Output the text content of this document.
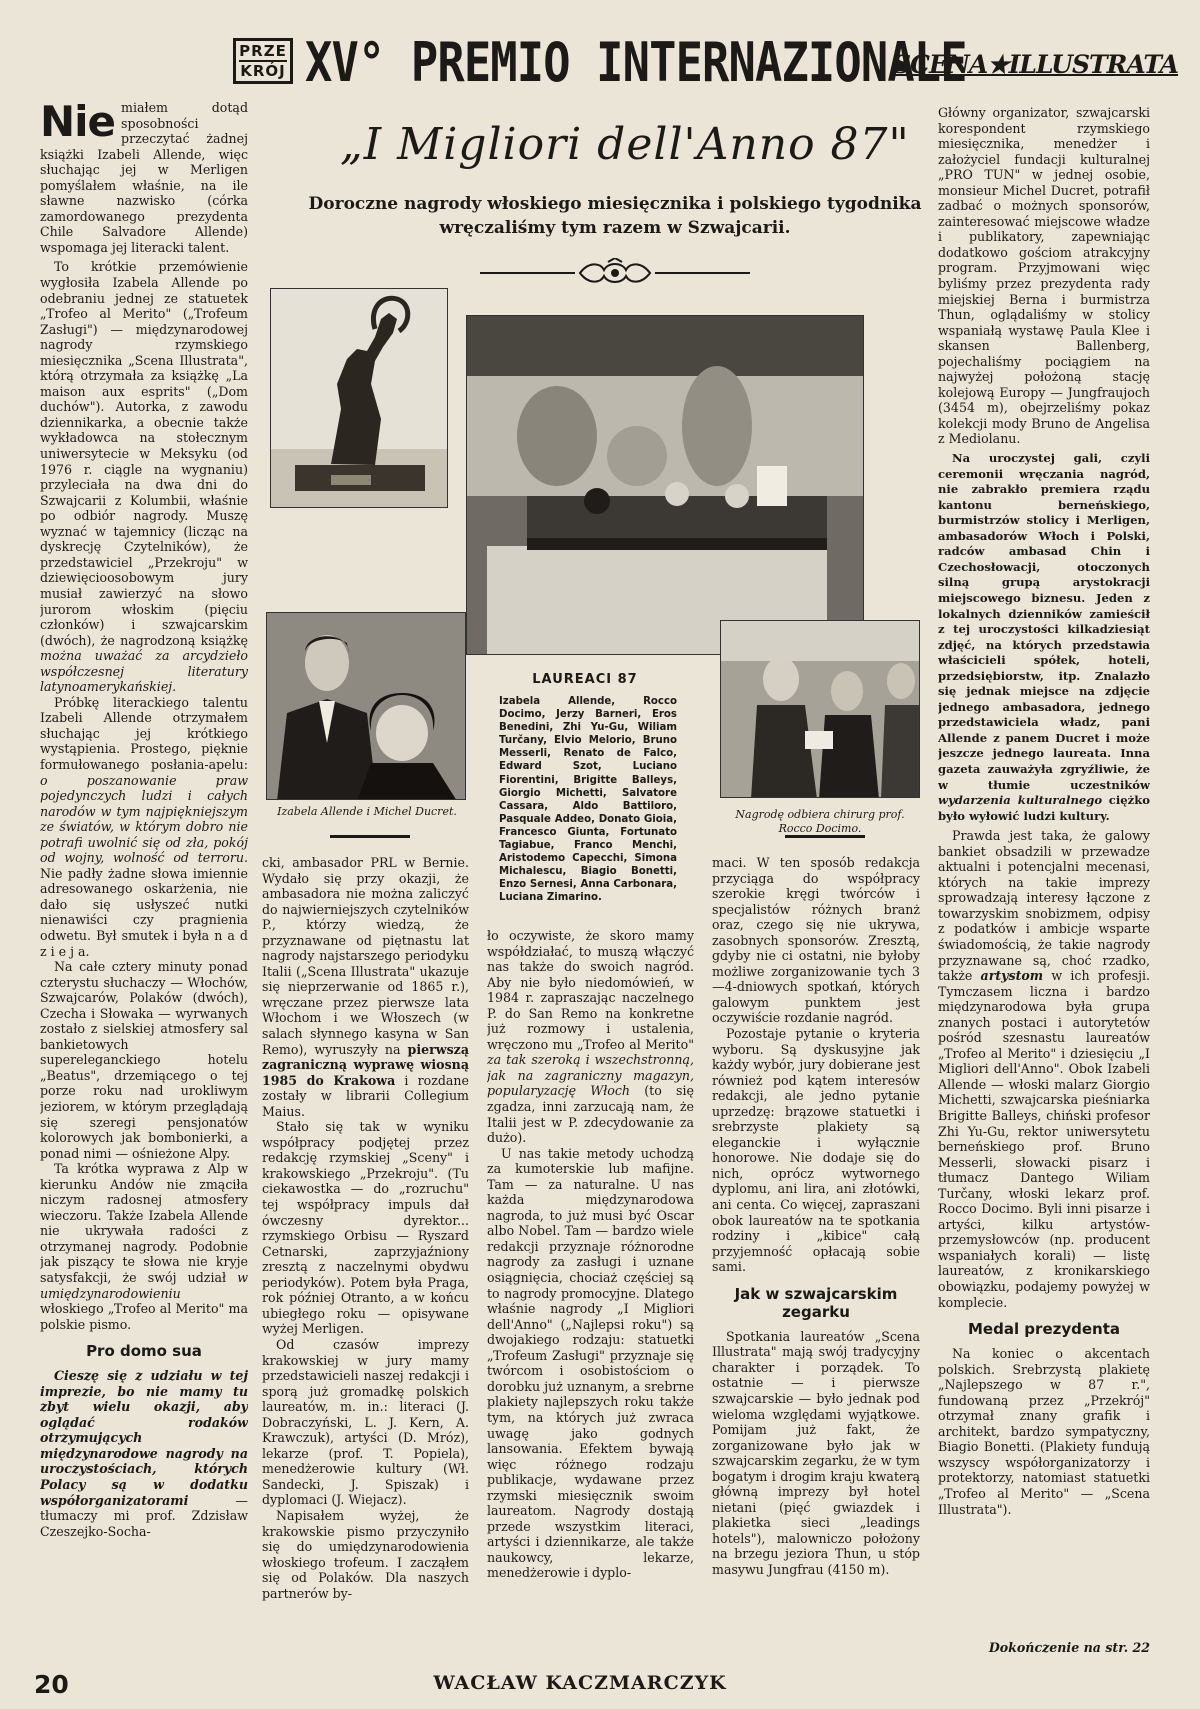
PRZE
KRÓJ XV° PREMIO INTERNAZIONALE
SCENA★ILLUSTRATA
„I Migliori dell'Anno 87"
Doroczne nagrody włoskiego miesięcznika i polskiego tygodnika wręczaliśmy tym razem w Szwajcarii.

Nie miałem dotąd sposobności przeczytać żadnej książki Izabeli Allende, więc słuchając jej w Merligen pomyślałem właśnie, na ile sławne nazwisko (córka zamordowanego prezydenta Chile Salvadore Allende) wspomaga jej literacki talent.

To krótkie przemówienie wygłosiła Izabela Allende po odebraniu jednej ze statuetek „Trofeo al Merito" („Trofeum Zasługi") — międzynarodowej nagrody rzymskiego miesięcznika „Scena Illustrata", którą otrzymała za książkę „La maison aux esprits" („Dom duchów"). Autorka, z zawodu dziennikarka, a obecnie także wykładowca na stołecznym uniwersytecie w Meksyku (od 1976 r. ciągle na wygnaniu) przyleciała na dwa dni do Szwajcarii z Kolumbii, właśnie po odbiór nagrody. Muszę wyznać w tajemnicy (licząc na dyskrecję Czytelników), że przedstawiciel „Przekroju" w dziewięcioosobowym jury musiał zawierzyć na słowo jurorom włoskim (pięciu członków) i szwajcarskim (dwóch), że nagrodzoną książkę można uważać za arcydzieło współczesnej literatury latynoamerykańskiej.

Próbkę literackiego talentu Izabeli Allende otrzymałem słuchając jej krótkiego wystąpienia. Prostego, pięknie formułowanego posłania-apelu: o poszanowanie praw pojedynczych ludzi i całych narodów w tym najpiękniejszym ze światów, w którym dobro nie potrafi uwolnić się od zła, pokój od wojny, wolność od terroru. Nie padły żadne słowa imiennie adresowanego oskarżenia, nie dało się usłyszeć nutki nienawiści czy pragnienia odwetu. Był smutek i była n a d z i e j a.

Na całe cztery minuty ponad czterystu słuchaczy — Włochów, Szwajcarów, Polaków (dwóch), Czecha i Słowaka — wyrwanych zostało z sielskiej atmosfery sal bankietowych supereleganckiego hotelu „Beatus", drzemiącego o tej porze roku nad urokliwym jeziorem, w którym przeglądają się szeregi pensjonatów kolorowych jak bombonierki, a ponad nimi — ośnieżone Alpy.

Ta krótka wyprawa z Alp w kierunku Andów nie zmąciła niczym radosnej atmosfery wieczoru. Także Izabela Allende nie ukrywała radości z otrzymanej nagrody. Podobnie jak piszący te słowa nie kryje satysfakcji, że swój udział w umiędzynarodowieniu włoskiego „Trofeo al Merito" ma polskie pismo.

Pro domo sua

Cieszę się z udziału w tej imprezie, bo nie mamy tu zbyt wielu okazji, aby oglądać rodaków otrzymujących międzynarodowe nagrody na uroczystościach, których Polacy są w dodatku współorganizatorami	— tłumaczy mi prof. Zdzisław Czeszejko-Socha-

Izabela Allende i Michel Ducret.	Nagrodę odbiera chirurg prof. Rocco Docimo.
LAUREACI 87
Izabela Allende, Rocco Docimo, Jerzy Barneri, Eros Benedini, Zhi Yu-Gu, Wiliam Turčany, Elvio Melorio, Bruno Messerli, Renato de Falco, Edward Szot, Luciano Fiorentini, Brigitte Balleys, Giorgio Michetti, Salvatore Cassara, Aldo Battiloro, Pasquale Addeo, Donato Gioia, Francesco Giunta, Fortunato Tagiabue, Franco Menchi, Aristodemo Capecchi, Simona Michalescu, Biagio Bonetti, Enzo Sernesi, Anna Carbonara, Luciana Zimarino.

cki, ambasador PRL w Bernie. Wydało się przy okazji, że ambasadora nie można zaliczyć do najwierniejszych czytelników P., którzy wiedzą, że przyznawane od piętnastu lat nagrody najstarszego periodyku Italii („Scena Illustrata" ukazuje się nieprzerwanie od 1865 r.), wręczane przez pierwsze lata Włochom i we Włoszech (w salach słynnego kasyna w San Remo), wyruszyły na pierwszą zagraniczną wyprawę wiosną 1985 do Krakowa i rozdane zostały w librarii Collegium Maius.

Stało się tak w wyniku współpracy podjętej przez redakcję rzymskiej „Sceny" i krakowskiego „Przekroju". (Tu ciekawostka — do „rozruchu" tej współpracy impuls dał ówczesny dyrektor... rzymskiego Orbisu — Ryszard Cetnarski, zaprzyjaźniony zresztą z naczelnymi obydwu periodyków). Potem była Praga, rok później Otranto, a w końcu ubiegłego roku — opisywane wyżej Merligen.

Od czasów imprezy krakowskiej w jury mamy przedstawicieli naszej redakcji i sporą już gromadkę polskich laureatów, m. in.: literaci (J. Dobraczyński, L. J. Kern, A. Krawczuk), artyści (D. Mróz), lekarze (prof. T. Popiela), menedżerowie kultury (Wł. Sandecki, J. Spiszak) i dyplomaci (J. Wiejacz).

Napisałem wyżej, że krakowskie pismo przyczyniło się do umiędzynarodowienia włoskiego trofeum. I zacząłem się od Polaków. Dla naszych partnerów by-

ło oczywiste, że skoro mamy współdziałać, to muszą włączyć nas także do swoich nagród. Aby nie było niedomówień, w 1984 r. zapraszając naczelnego P. do San Remo na konkretne już rozmowy i ustalenia, wręczono mu „Trofeo al Merito" za tak szeroką i wszechstronną, jak na zagraniczny magazyn, popularyzację Włoch (to się zgadza, inni zarzucają nam, że Italii jest w P. zdecydowanie za dużo).

U nas takie metody uchodzą za kumoterskie lub mafijne. Tam — za naturalne. U nas każda międzynarodowa nagroda, to już musi być Oscar albo Nobel. Tam — bardzo wiele redakcji przyznaje różnorodne nagrody za zasługi i uznane osiągnięcia, chociaż częściej są to nagrody promocyjne. Dlatego właśnie nagrody „I Migliori dell'Anno" („Najlepsi roku") są dwojakiego rodzaju: statuetki „Trofeum Zasługi" przyznaje się twórcom i osobistościom o dorobku już uznanym, a srebrne plakiety najlepszych roku także tym, na których już zwraca uwagę jako godnych lansowania. Efektem bywają więc różnego rodzaju publikacje, wydawane przez rzymski miesięcznik swoim laureatom. Nagrody dostają przede wszystkim literaci, artyści i dziennikarze, ale także naukowcy, lekarze, menedżerowie i dyplo-

maci. W ten sposób redakcja przyciąga do współpracy szerokie kręgi twórców i specjalistów różnych branż oraz, czego się nie ukrywa, zasobnych sponsorów. Zresztą, gdyby nie ci ostatni, nie byłoby możliwe zorganizowanie tych 3—4-dniowych spotkań, których galowym punktem jest oczywiście rozdanie nagród.

Pozostaje pytanie o kryteria wyboru. Są dyskusyjne jak każdy wybór, jury dobierane jest również pod kątem interesów redakcji, ale jedno pytanie uprzedzę: brązowe statuetki i srebrzyste plakiety są eleganckie i wyłącznie honorowe. Nie dodaje się do nich, oprócz wytwornego dyplomu, ani lira, ani złotówki, ani centa. Co więcej, zapraszani obok laureatów na te spotkania rodziny i „kibice" całą przyjemność opłacają sobie sami.

Jak w szwajcarskim zegarku

Spotkania laureatów „Scena Illustrata" mają swój tradycyjny charakter i porządek. To ostatnie — i pierwsze szwajcarskie — było jednak pod wieloma względami wyjątkowe. Pomijam już fakt, że zorganizowane było jak w szwajcarskim zegarku, że w tym bogatym i drogim kraju kwaterą główną imprezy był hotel nietani (pięć gwiazdek i plakietka sieci „leadings hotels"), malowniczo położony na brzegu jeziora Thun, u stóp masywu Jungfrau (4150 m).

Główny organizator, szwajcarski korespondent rzymskiego miesięcznika, menedżer i założyciel fundacji kulturalnej „PRO TUN" w jednej osobie, monsieur Michel Ducret, potrafił zadbać o możnych sponsorów, zainteresować miejscowe władze i publikatory, zapewniając dodatkowo gościom atrakcyjny program. Przyjmowani więc byliśmy przez prezydenta rady miejskiej Berna i burmistrza Thun, oglądaliśmy w stolicy wspaniałą wystawę Paula Klee i skansen Ballenberg, pojechaliśmy pociągiem na najwyżej położoną stację kolejową Europy — Jungfraujoch (3454 m), obejrzeliśmy pokaz kolekcji mody Bruno de Angelisa z Mediolanu.

Na uroczystej gali, czyli ceremonii wręczania nagród, nie zabrakło premiera rządu kantonu berneńskiego, burmistrzów stolicy i Merligen, ambasadorów Włoch i Polski, radców ambasad Chin i Czechosłowacji, otoczonych silną grupą arystokracji miejscowego biznesu. Jeden z lokalnych dzienników zamieścił z tej uroczystości kilkadziesiąt zdjęć, na których przedstawia właścicieli spółek, hoteli, przedsiębiorstw, itp. Znalazło się jednak miejsce na zdjęcie jednego ambasadora, jednego przedstawiciela władz, pani Allende z panem Ducret i może jeszcze jednego laureata. Inna gazeta zauważyła zgryźliwie, że w tłumie uczestników wydarzenia kulturalnego ciężko było wyłowić ludzi kultury.

Prawda jest taka, że galowy bankiet obsadzili w przewadze aktualni i potencjalni mecenasi, których na takie imprezy sprowadzają interesy łączone z towarzyskim snobizmem, odpisy z podatków i ambicje wsparte świadomością, że takie nagrody przyznawane są, choć rzadko, także artystom w ich profesji. Tymczasem liczna i bardzo międzynarodowa była grupa znanych postaci i autorytetów pośród szesnastu laureatów „Trofeo al Merito" i dziesięciu „I Migliori dell'Anno". Obok Izabeli Allende — włoski malarz Giorgio Michetti, szwajcarska pieśniarka Brigitte Balleys, chiński profesor Zhi Yu-Gu, rektor uniwersytetu berneńskiego prof. Bruno Messerli, słowacki pisarz i tłumacz Dantego Wiliam Turčany, włoski lekarz prof. Rocco Docimo. Byli inni pisarze i artyści, kilku artystów-przemysłowców (np. producent wspaniałych korali) — listę laureatów, z kronikarskiego obowiązku, podajemy powyżej w komplecie.

Medal prezydenta

Na koniec o akcentach polskich. Srebrzystą plakietę „Najlepszego w 87 r.", fundowaną przez „Przekrój" otrzymał znany grafik i architekt, bardzo sympatyczny, Biagio Bonetti. (Plakiety fundują wszyscy współorganizatorzy i protektorzy, natomiast statuetki „Trofeo al Merito" — „Scena Illustrata").

Dokończenie na str. 22
20	WACŁAW KACZMARCZYK
